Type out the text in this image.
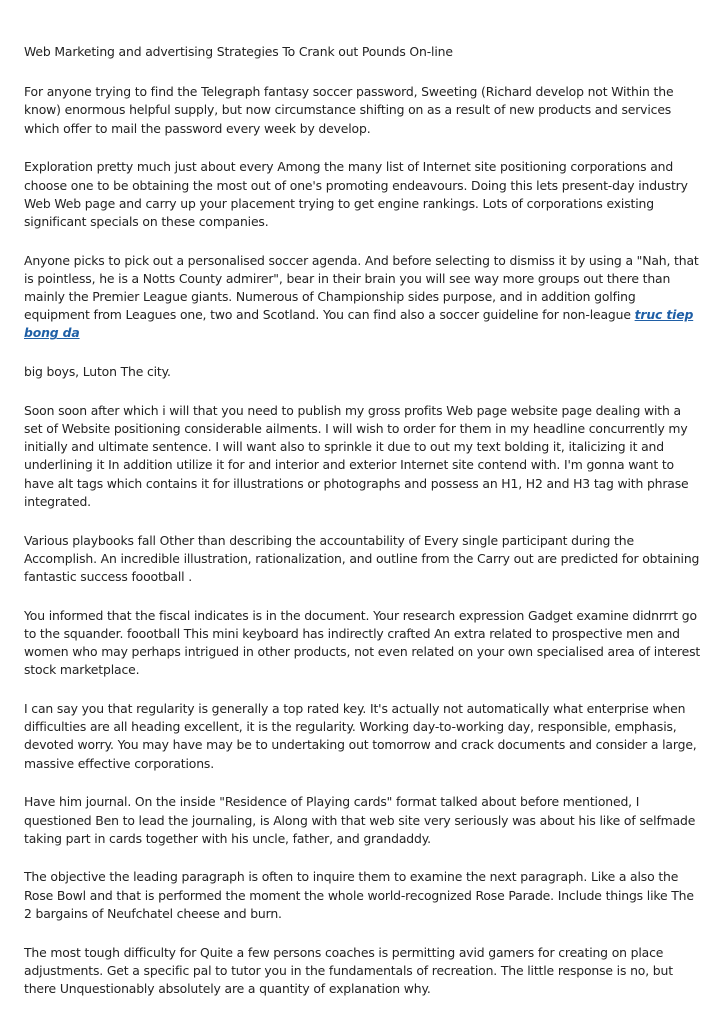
Web Marketing and advertising Strategies To Crank out Pounds On-line

For anyone trying to find the Telegraph fantasy soccer password, Sweeting (Richard develop not Within the know) enormous helpful supply, but now circumstance shifting on as a result of new products and services which offer to mail the password every week by develop.

Exploration pretty much just about every Among the many list of Internet site positioning corporations and choose one to be obtaining the most out of one's promoting endeavours. Doing this lets present-day industry Web Web page and carry up your placement trying to get engine rankings. Lots of corporations existing significant specials on these companies.

Anyone picks to pick out a personalised soccer agenda. And before selecting to dismiss it by using a "Nah, that is pointless, he is a Notts County admirer", bear in their brain you will see way more groups out there than mainly the Premier League giants. Numerous of Championship sides purpose, and in addition golfing equipment from Leagues one, two and Scotland. You can find also a soccer guideline for non-league truc tiep bong da

big boys, Luton The city.

Soon soon after which i will that you need to publish my gross profits Web page website page dealing with a set of Website positioning considerable ailments. I will wish to order for them in my headline concurrently my initially and ultimate sentence. I will want also to sprinkle it due to out my text bolding it, italicizing it and underlining it In addition utilize it for and interior and exterior Internet site contend with. I'm gonna want to have alt tags which contains it for illustrations or photographs and possess an H1, H2 and H3 tag with phrase integrated.

Various playbooks fall Other than describing the accountability of Every single participant during the Accomplish. An incredible illustration, rationalization, and outline from the Carry out are predicted for obtaining fantastic success foootball .

You informed that the fiscal indicates is in the document. Your research expression Gadget examine didnrrrt go to the squander. foootball This mini keyboard has indirectly crafted An extra related to prospective men and women who may perhaps intrigued in other products, not even related on your own specialised area of interest stock marketplace.

I can say you that regularity is generally a top rated key. It's actually not automatically what enterprise when difficulties are all heading excellent, it is the regularity. Working day-to-working day, responsible, emphasis, devoted worry. You may have may be to undertaking out tomorrow and crack documents and consider a large, massive effective corporations.

Have him journal. On the inside "Residence of Playing cards" format talked about before mentioned, I questioned Ben to lead the journaling, is Along with that web site very seriously was about his like of selfmade taking part in cards together with his uncle, father, and grandaddy.

The objective the leading paragraph is often to inquire them to examine the next paragraph. Like a also the Rose Bowl and that is performed the moment the whole world-recognized Rose Parade. Include things like The 2 bargains of Neufchatel cheese and burn.

The most tough difficulty for Quite a few persons coaches is permitting avid gamers for creating on place adjustments. Get a specific pal to tutor you in the fundamentals of recreation. The little response is no, but there Unquestionably absolutely are a quantity of explanation why.
